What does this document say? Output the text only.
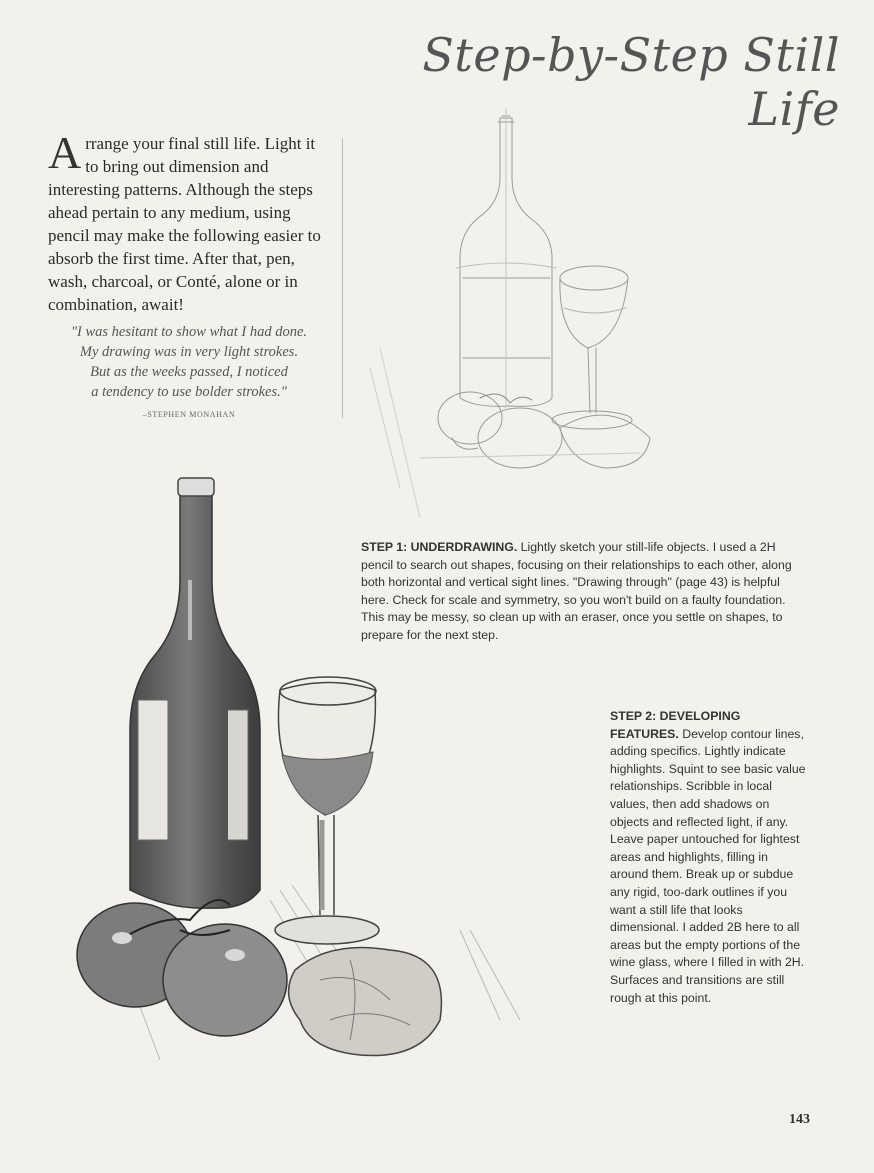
Step-by-Step Still Life
Arrange your final still life. Light it to bring out dimension and interesting patterns. Although the steps ahead pertain to any medium, using pencil may make the following easier to absorb the first time. After that, pen, wash, charcoal, or Conté, alone or in combination, await!
"I was hesitant to show what I had done.
My drawing was in very light strokes.
But as the weeks passed, I noticed
a tendency to use bolder strokes."
–STEPHEN MONAHAN
STEP 1: UNDERDRAWING. Lightly sketch your still-life objects. I used a 2H pencil to search out shapes, focusing on their relationships to each other, along both horizontal and vertical sight lines. "Drawing through" (page 43) is helpful here. Check for scale and symmetry, so you won't build on a faulty foundation. This may be messy, so clean up with an eraser, once you settle on shapes, to prepare for the next step.
STEP 2: DEVELOPING FEATURES. Develop contour lines, adding specifics. Lightly indicate highlights. Squint to see basic value relationships. Scribble in local values, then add shadows on objects and reflected light, if any. Leave paper untouched for lightest areas and highlights, filling in around them. Break up or subdue any rigid, too-dark outlines if you want a still life that looks dimensional. I added 2B here to all areas but the empty portions of the wine glass, where I filled in with 2H. Surfaces and transitions are still rough at this point.
143
